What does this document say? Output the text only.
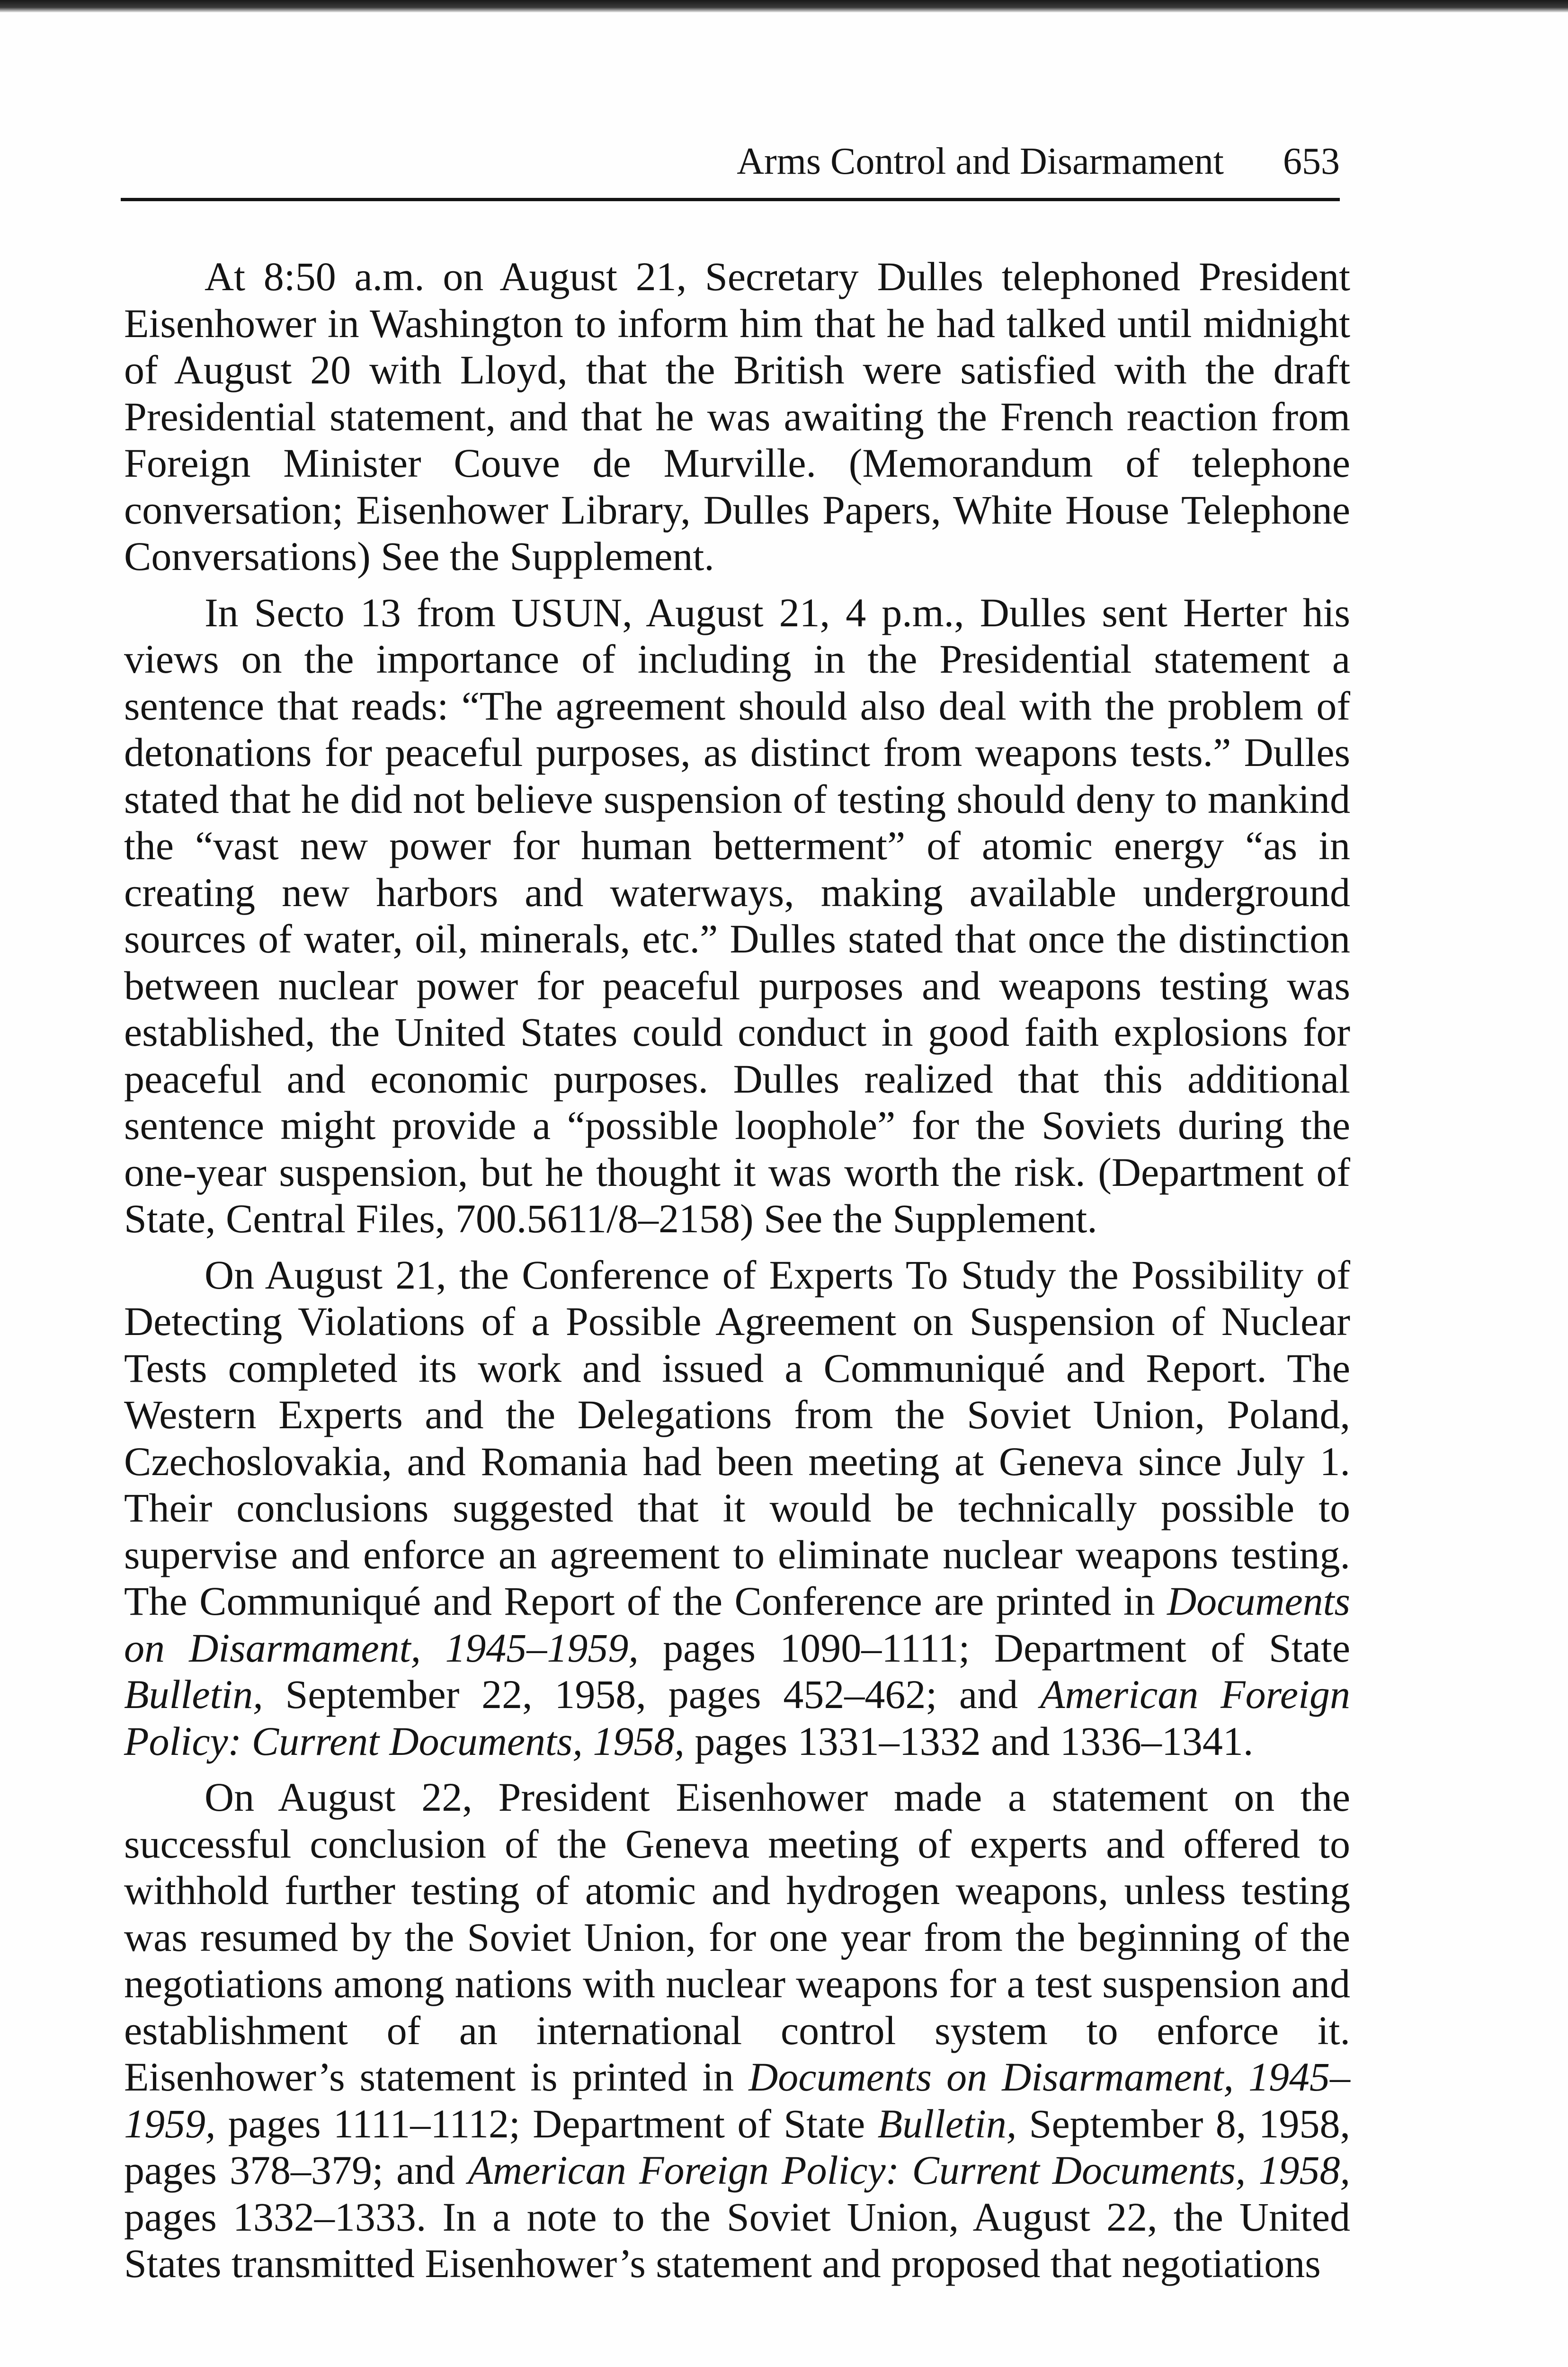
Arms Control and Disarmament 653

At 8:50 a.m. on August 21, Secretary Dulles telephoned President Eisenhower in Washington to inform him that he had talked until midnight of August 20 with Lloyd, that the British were satisfied with the draft Presidential statement, and that he was awaiting the French reaction from Foreign Minister Couve de Murville. (Memorandum of telephone conversation; Eisenhower Library, Dulles Papers, White House Telephone Conversations) See the Supplement.

In Secto 13 from USUN, August 21, 4 p.m., Dulles sent Herter his views on the importance of including in the Presidential statement a sentence that reads: “The agreement should also deal with the problem of detonations for peaceful purposes, as distinct from weapons tests.” Dulles stated that he did not believe suspension of testing should deny to mankind the “vast new power for human betterment” of atomic energy “as in creating new harbors and waterways, making available underground sources of water, oil, minerals, etc.” Dulles stated that once the distinction between nuclear power for peaceful purposes and weapons testing was established, the United States could conduct in good faith explosions for peaceful and economic purposes. Dulles realized that this additional sentence might provide a “possible loophole” for the Soviets during the one-year suspension, but he thought it was worth the risk. (Department of State, Central Files, 700.5611/8–2158) See the Supplement.

On August 21, the Conference of Experts To Study the Possibility of Detecting Violations of a Possible Agreement on Suspension of Nuclear Tests completed its work and issued a Communiqué and Report. The Western Experts and the Delegations from the Soviet Union, Poland, Czechoslovakia, and Romania had been meeting at Geneva since July 1. Their conclusions suggested that it would be technically possible to supervise and enforce an agreement to eliminate nuclear weapons testing. The Communiqué and Report of the Conference are printed in Documents on Disarmament, 1945–1959, pages 1090–1111; Department of State Bulletin, September 22, 1958, pages 452–462; and American Foreign Policy: Current Documents, 1958, pages 1331–1332 and 1336–1341.

On August 22, President Eisenhower made a statement on the successful conclusion of the Geneva meeting of experts and offered to withhold further testing of atomic and hydrogen weapons, unless testing was resumed by the Soviet Union, for one year from the beginning of the negotiations among nations with nuclear weapons for a test suspension and establishment of an international control system to enforce it. Eisenhower’s statement is printed in Documents on Disarmament, 1945–1959, pages 1111–1112; Department of State Bulletin, September 8, 1958, pages 378–379; and American Foreign Policy: Current Documents, 1958, pages 1332–1333. In a note to the Soviet Union, August 22, the United States transmitted Eisenhower’s statement and proposed that negotiations
